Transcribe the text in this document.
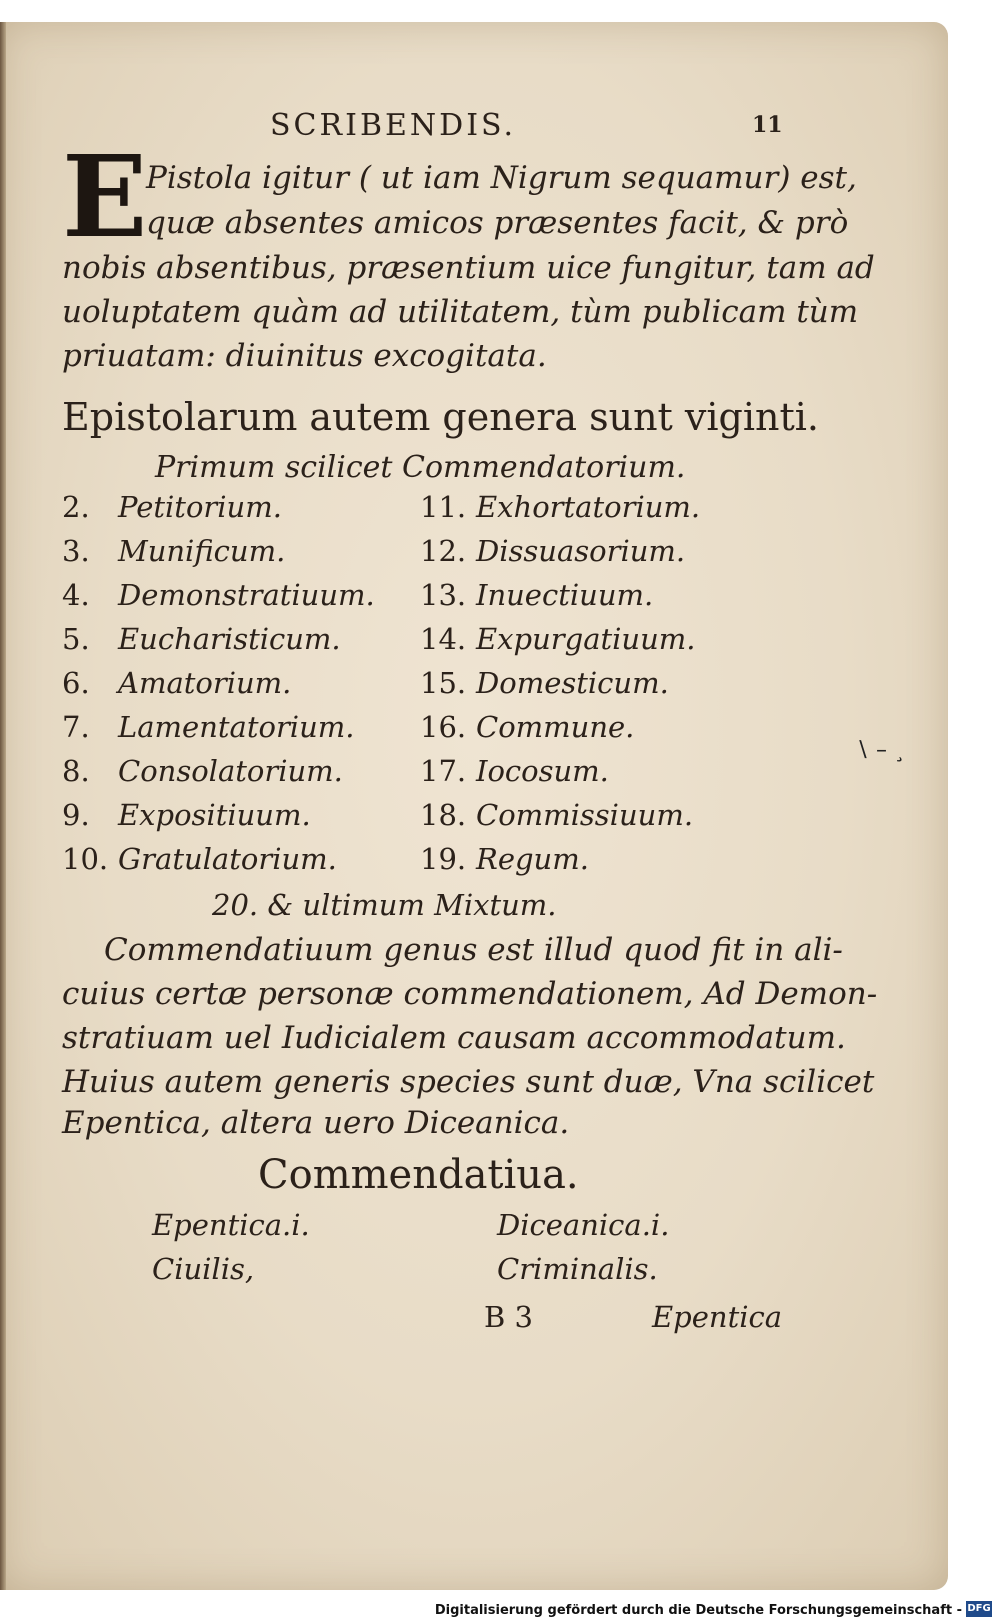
SCRIBENDIS.	11
E
Pistola igitur ( ut iam Nigrum sequamur) est,
quæ absentes amicos præsentes facit, & prò
nobis absentibus, præsentium uice fungitur, tam ad
uoluptatem quàm ad utilitatem, tùm publicam tùm
priuatam: diuinitus excogitata.
Epistolarum autem genera sunt viginti.
Primum scilicet Commendatorium.
2. Petitorium.
3. Munificum.
4. Demonstratiuum.
5. Eucharisticum.
6. Amatorium.
7. Lamentatorium.
8. Consolatorium.
9. Expositiuum.
10. Gratulatorium.
11. Exhortatorium.
12. Dissuasorium.
13. Inuectiuum.
14. Expurgatiuum.
15. Domesticum.
16. Commune.
17. Iocosum.
18. Commissiuum.
19. Regum.
20. & ultimum Mixtum.
Commendatiuum genus est illud quod fit in ali-
cuius certæ personæ commendationem, Ad Demon-
stratiuam uel Iudicialem causam accommodatum.
Huius autem generis species sunt duæ, Vna scilicet
Epentica, altera uero Diceanica.
Commendatiua.
Epentica.i.
Ciuilis,
Diceanica.i.
Criminalis.
B 3	Epentica
∖ – ¸
Digitalisierung gefördert durch die Deutsche Forschungsgemeinschaft - DFG
